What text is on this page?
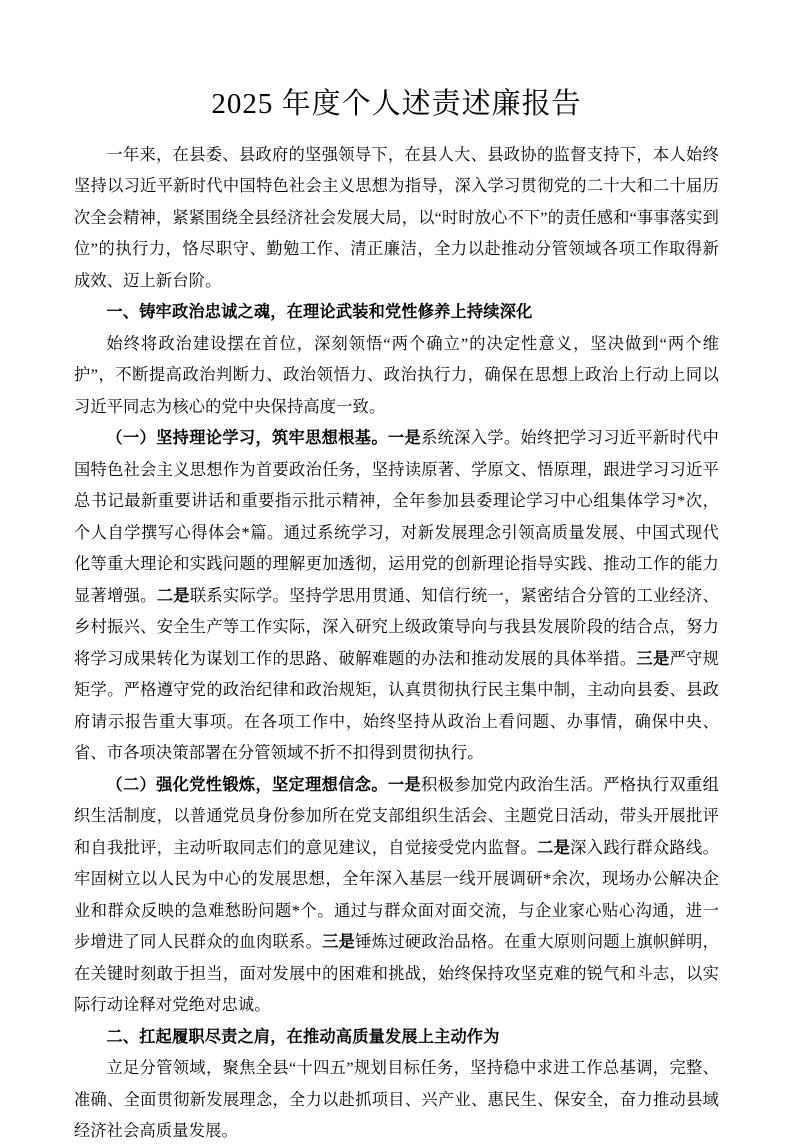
2025 年度个人述责述廉报告

一年来，在县委、县政府的坚强领导下，在县人大、县政协的监督支持下，本人始终坚持以习近平新时代中国特色社会主义思想为指导，深入学习贯彻党的二十大和二十届历次全会精神，紧紧围绕全县经济社会发展大局，以“时时放心不下”的责任感和“事事落实到位”的执行力，恪尽职守、勤勉工作、清正廉洁，全力以赴推动分管领域各项工作取得新成效、迈上新台阶。

一、铸牢政治忠诚之魂，在理论武装和党性修养上持续深化

始终将政治建设摆在首位，深刻领悟“两个确立”的决定性意义，坚决做到“两个维护”，不断提高政治判断力、政治领悟力、政治执行力，确保在思想上政治上行动上同以习近平同志为核心的党中央保持高度一致。

（一）坚持理论学习，筑牢思想根基。一是系统深入学。始终把学习习近平新时代中国特色社会主义思想作为首要政治任务，坚持读原著、学原文、悟原理，跟进学习习近平总书记最新重要讲话和重要指示批示精神，全年参加县委理论学习中心组集体学习*次，个人自学撰写心得体会*篇。通过系统学习，对新发展理念引领高质量发展、中国式现代化等重大理论和实践问题的理解更加透彻，运用党的创新理论指导实践、推动工作的能力显著增强。二是联系实际学。坚持学思用贯通、知信行统一，紧密结合分管的工业经济、乡村振兴、安全生产等工作实际，深入研究上级政策导向与我县发展阶段的结合点，努力将学习成果转化为谋划工作的思路、破解难题的办法和推动发展的具体举措。三是严守规矩学。严格遵守党的政治纪律和政治规矩，认真贯彻执行民主集中制，主动向县委、县政府请示报告重大事项。在各项工作中，始终坚持从政治上看问题、办事情，确保中央、省、市各项决策部署在分管领域不折不扣得到贯彻执行。

（二）强化党性锻炼，坚定理想信念。一是积极参加党内政治生活。严格执行双重组织生活制度，以普通党员身份参加所在党支部组织生活会、主题党日活动，带头开展批评和自我批评，主动听取同志们的意见建议，自觉接受党内监督。二是深入践行群众路线。牢固树立以人民为中心的发展思想，全年深入基层一线开展调研*余次，现场办公解决企业和群众反映的急难愁盼问题*个。通过与群众面对面交流，与企业家心贴心沟通，进一步增进了同人民群众的血肉联系。三是锤炼过硬政治品格。在重大原则问题上旗帜鲜明，在关键时刻敢于担当，面对发展中的困难和挑战，始终保持攻坚克难的锐气和斗志，以实际行动诠释对党绝对忠诚。

二、扛起履职尽责之肩，在推动高质量发展上主动作为

立足分管领域，聚焦全县“十四五”规划目标任务，坚持稳中求进工作总基调，完整、准确、全面贯彻新发展理念，全力以赴抓项目、兴产业、惠民生、保安全，奋力推动县域经济社会高质量发展。
